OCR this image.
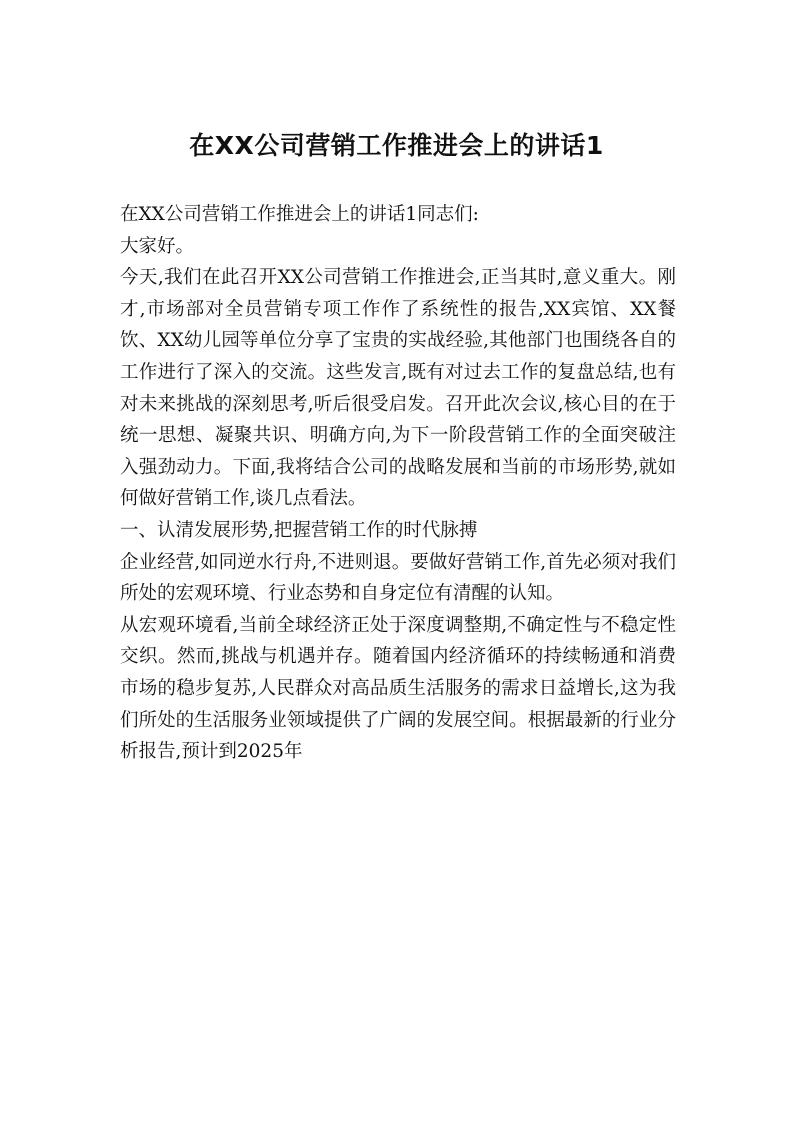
在XX公司营销工作推进会上的讲话1

在XX公司营销工作推进会上的讲话1同志们:

大家好。

今天,我们在此召开XX公司营销工作推进会,正当其时,意义重大。刚才,市场部对全员营销专项工作作了系统性的报告,XX宾馆、XX餐饮、XX幼儿园等单位分享了宝贵的实战经验,其他部门也围绕各自的工作进行了深入的交流。这些发言,既有对过去工作的复盘总结,也有对未来挑战的深刻思考,听后很受启发。召开此次会议,核心目的在于统一思想、凝聚共识、明确方向,为下一阶段营销工作的全面突破注入强劲动力。下面,我将结合公司的战略发展和当前的市场形势,就如何做好营销工作,谈几点看法。

一、认清发展形势,把握营销工作的时代脉搏

企业经营,如同逆水行舟,不进则退。要做好营销工作,首先必须对我们所处的宏观环境、行业态势和自身定位有清醒的认知。

从宏观环境看,当前全球经济正处于深度调整期,不确定性与不稳定性交织。然而,挑战与机遇并存。随着国内经济循环的持续畅通和消费市场的稳步复苏,人民群众对高品质生活服务的需求日益增长,这为我们所处的生活服务业领域提供了广阔的发展空间。根据最新的行业分析报告,预计到2025年
